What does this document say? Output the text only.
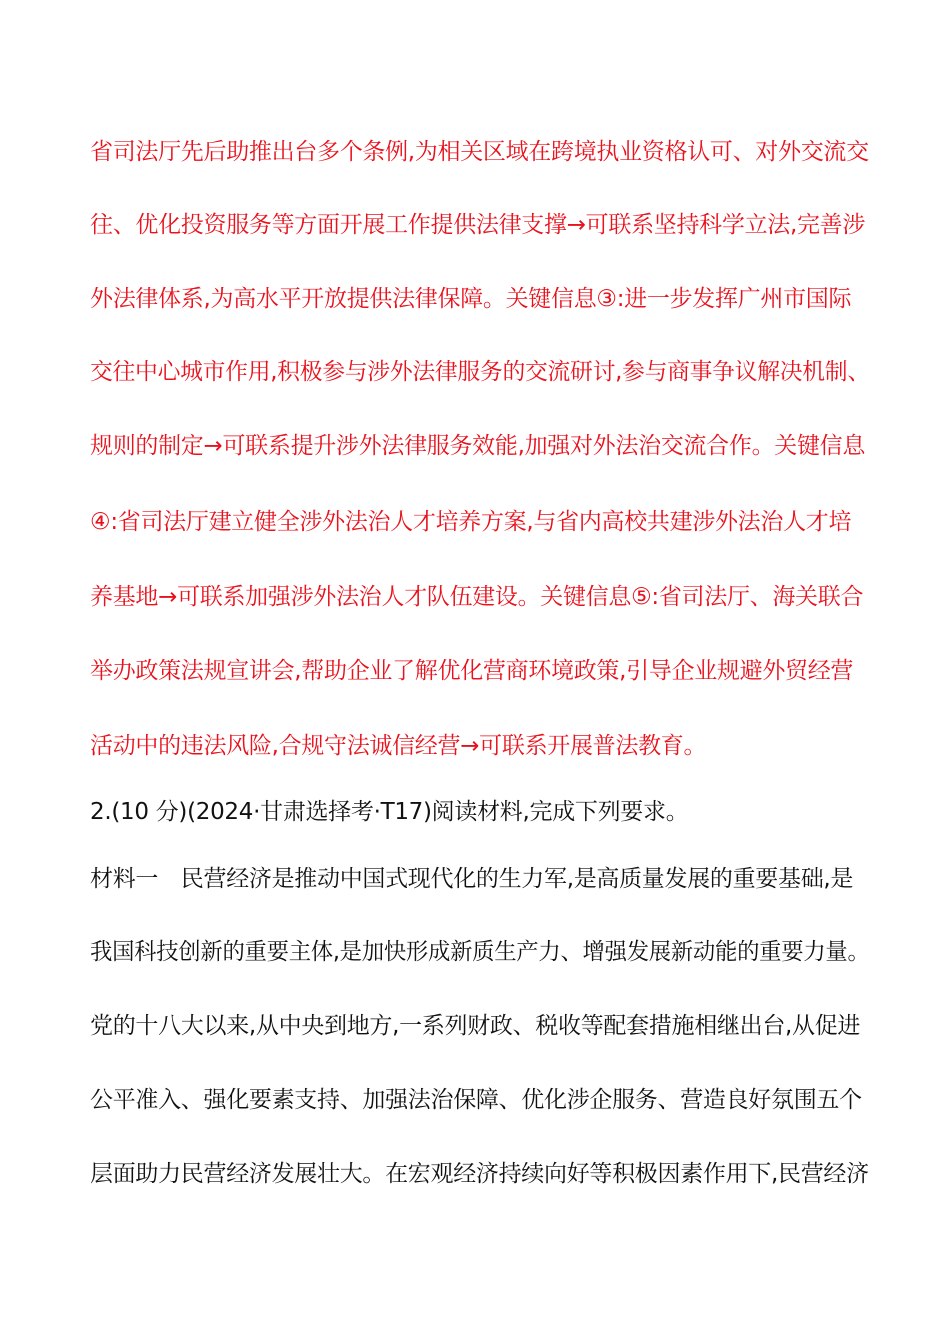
省司法厅先后助推出台多个条例,为相关区域在跨境执业资格认可、对外交流交
往、优化投资服务等方面开展工作提供法律支撑→可联系坚持科学立法,完善涉
外法律体系,为高水平开放提供法律保障。关键信息③:进一步发挥广州市国际
交往中心城市作用,积极参与涉外法律服务的交流研讨,参与商事争议解决机制、
规则的制定→可联系提升涉外法律服务效能,加强对外法治交流合作。关键信息
④:省司法厅建立健全涉外法治人才培养方案,与省内高校共建涉外法治人才培
养基地→可联系加强涉外法治人才队伍建设。关键信息⑤:省司法厅、海关联合
举办政策法规宣讲会,帮助企业了解优化营商环境政策,引导企业规避外贸经营
活动中的违法风险,合规守法诚信经营→可联系开展普法教育。
2.(10 分)(2024·甘肃选择考·T17)阅读材料,完成下列要求。
材料一　民营经济是推动中国式现代化的生力军,是高质量发展的重要基础,是
我国科技创新的重要主体,是加快形成新质生产力、增强发展新动能的重要力量。
党的十八大以来,从中央到地方,一系列财政、税收等配套措施相继出台,从促进
公平准入、强化要素支持、加强法治保障、优化涉企服务、营造良好氛围五个
层面助力民营经济发展壮大。在宏观经济持续向好等积极因素作用下,民营经济
